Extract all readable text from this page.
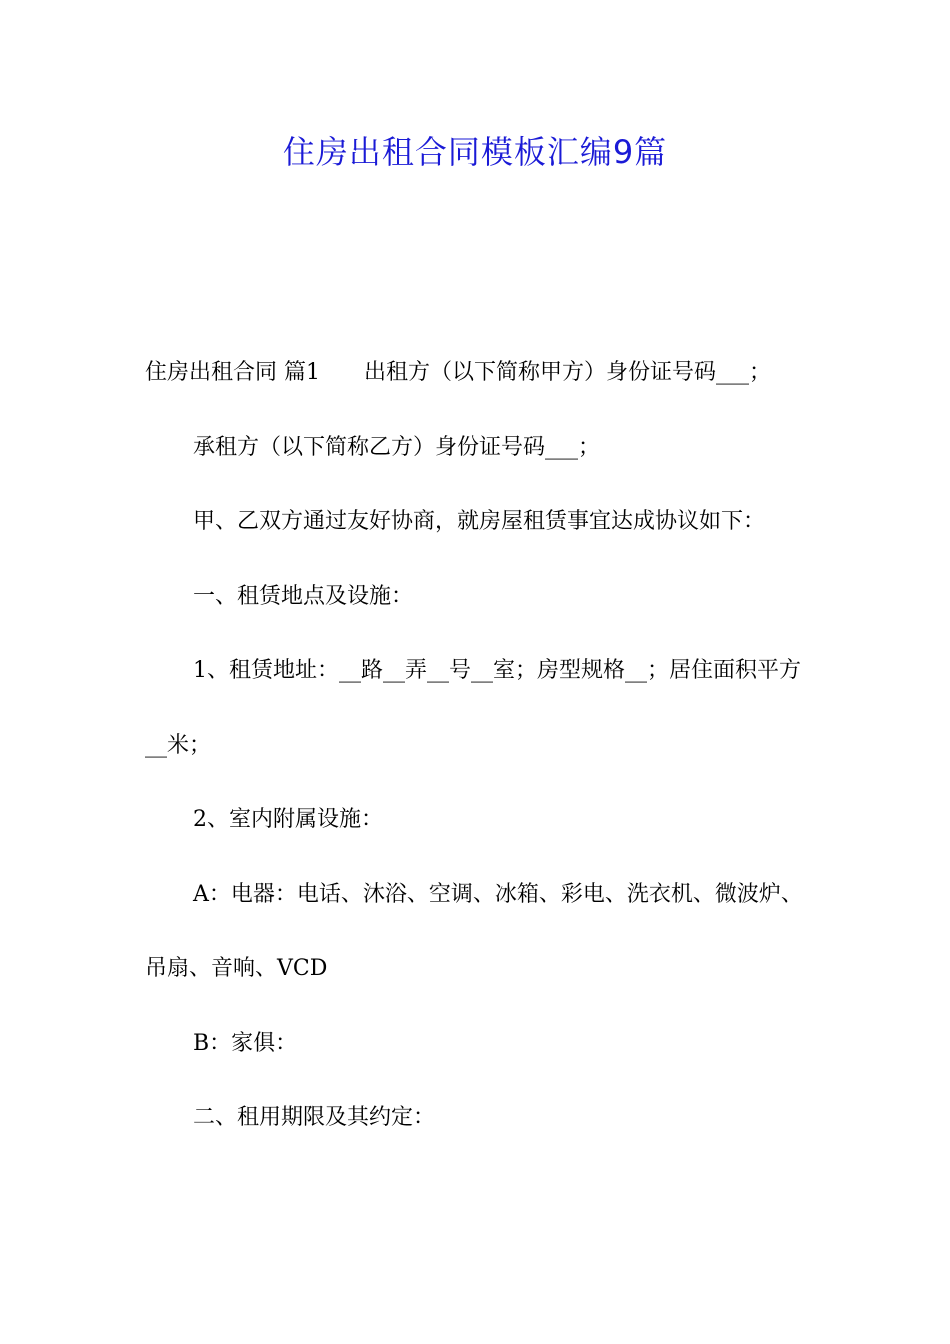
住房出租合同模板汇编9篇

住房出租合同 篇1 出租方（以下简称甲方）身份证号码___；

承租方（以下简称乙方）身份证号码___；

甲、乙双方通过友好协商，就房屋租赁事宜达成协议如下：

一、租赁地点及设施：

1、租赁地址：__路__弄__号__室；房型规格__；居住面积平方__米；

2、室内附属设施：

A：电器：电话、沐浴、空调、冰箱、彩电、洗衣机、微波炉、吊扇、音响、VCD

B：家俱：

二、租用期限及其约定：
